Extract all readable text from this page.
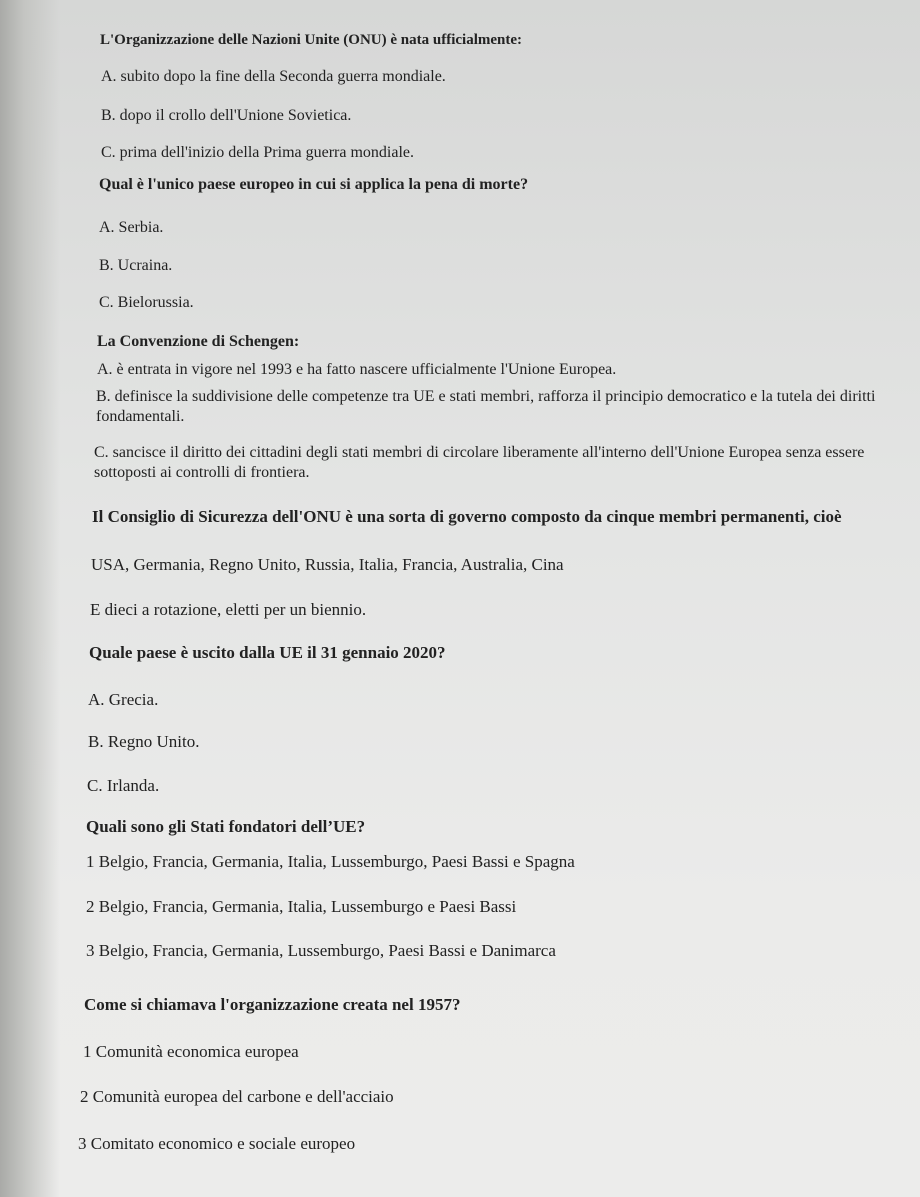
L'Organizzazione delle Nazioni Unite (ONU) è nata ufficialmente:
A. subito dopo la fine della Seconda guerra mondiale.
B. dopo il crollo dell'Unione Sovietica.
C. prima dell'inizio della Prima guerra mondiale.
Qual è l'unico paese europeo in cui si applica la pena di morte?
A. Serbia.
B. Ucraina.
C. Bielorussia.
La Convenzione di Schengen:
A. è entrata in vigore nel 1993 e ha fatto nascere ufficialmente l'Unione Europea.
B. definisce la suddivisione delle competenze tra UE e stati membri, rafforza il principio democratico e la tutela dei diritti fondamentali.
C. sancisce il diritto dei cittadini degli stati membri di circolare liberamente all'interno dell'Unione Europea senza essere sottoposti ai controlli di frontiera.
Il Consiglio di Sicurezza dell'ONU è una sorta di governo composto da cinque membri permanenti, cioè
USA, Germania, Regno Unito, Russia, Italia, Francia, Australia, Cina
E dieci a rotazione, eletti per un biennio.
Quale paese è uscito dalla UE il 31 gennaio 2020?
A. Grecia.
B. Regno Unito.
C. Irlanda.
Quali sono gli Stati fondatori dell’UE?
1 Belgio, Francia, Germania, Italia, Lussemburgo, Paesi Bassi e Spagna
2 Belgio, Francia, Germania, Italia, Lussemburgo e Paesi Bassi
3 Belgio, Francia, Germania, Lussemburgo, Paesi Bassi e Danimarca
Come si chiamava l'organizzazione creata nel 1957?
1 Comunità economica europea
2 Comunità europea del carbone e dell'acciaio
3 Comitato economico e sociale europeo
